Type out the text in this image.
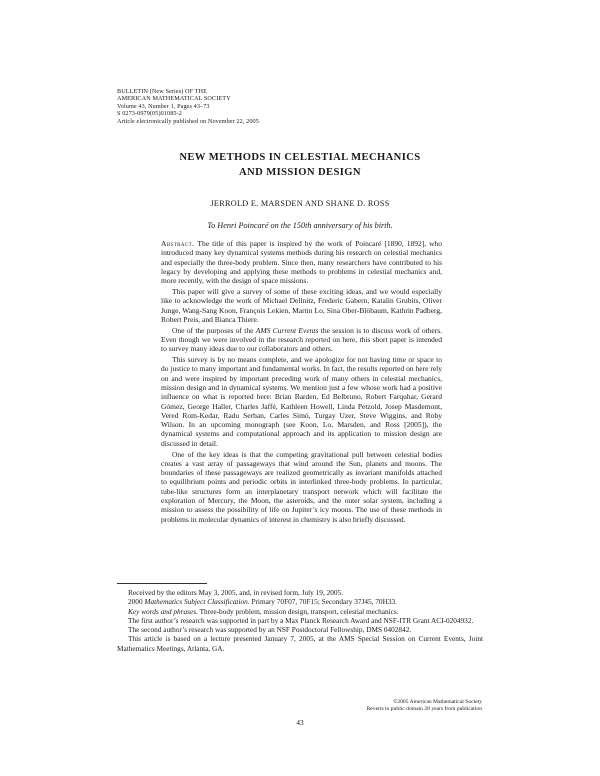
BULLETIN (New Series) OF THE
AMERICAN MATHEMATICAL SOCIETY
Volume 43, Number 1, Pages 43–73
S 0273-0979(05)01085-2
Article electronically published on November 22, 2005
NEW METHODS IN CELESTIAL MECHANICS
AND MISSION DESIGN
JERROLD E. MARSDEN AND SHANE D. ROSS
To Henri Poincaré on the 150th anniversary of his birth.

Abstract. The title of this paper is inspired by the work of Poincaré [1890, 1892], who introduced many key dynamical systems methods during his research on celestial mechanics and especially the three-body problem. Since then, many researchers have contributed to his legacy by developing and applying these methods to problems in celestial mechanics and, more recently, with the design of space missions.

This paper will give a survey of some of these exciting ideas, and we would especially like to acknowledge the work of Michael Dellnitz, Frederic Gabern, Katalin Grubits, Oliver Junge, Wang-Sang Koon, François Lekien, Martin Lo, Sina Ober-Blöbaum, Kathrin Padberg, Robert Preis, and Bianca Thiere.

One of the purposes of the AMS Current Events the session is to discuss work of others. Even though we were involved in the research reported on here, this short paper is intended to survey many ideas due to our collaborators and others.

This survey is by no means complete, and we apologize for not having time or space to do justice to many important and fundamental works. In fact, the results reported on here rely on and were inspired by important preceding work of many others in celestial mechanics, mission design and in dynamical systems. We mention just a few whose work had a positive influence on what is reported here: Brian Barden, Ed Belbruno, Robert Farquhar, Gerard Gómez, George Haller, Charles Jaffé, Kathleen Howell, Linda Petzold, Josep Masdemont, Vered Rom-Kedar, Radu Serban, Carles Simó, Turgay Uzer, Steve Wiggins, and Roby Wilson. In an upcoming monograph (see Koon, Lo, Marsden, and Ross [2005]), the dynamical systems and computational approach and its application to mission design are discussed in detail.

One of the key ideas is that the competing gravitational pull between celestial bodies creates a vast array of passageways that wind around the Sun, planets and moons. The boundaries of these passageways are realized geometrically as invariant manifolds attached to equilibrium points and periodic orbits in interlinked three-body problems. In particular, tube-like structures form an interplanetary transport network which will facilitate the exploration of Mercury, the Moon, the asteroids, and the outer solar system, including a mission to assess the possibility of life on Jupiter’s icy moons. The use of these methods in problems in molecular dynamics of interest in chemistry is also briefly discussed.

Received by the editors May 3, 2005, and, in revised form, July 19, 2005.

2000 Mathematics Subject Classification. Primary 70F07, 70F15; Secondary 37J45, 70H33.

Key words and phrases. Three-body problem, mission design, transport, celestial mechanics.

The first author’s research was supported in part by a Max Planck Research Award and NSF-ITR Grant ACI-0204932.

The second author’s research was supported by an NSF Postdoctoral Fellowship, DMS 0402842.

This article is based on a lecture presented January 7, 2005, at the AMS Special Session on Current Events, Joint Mathematics Meetings, Atlanta, GA.

©2005 American Mathematical Society
Reverts to public domain 28 years from publication
43
